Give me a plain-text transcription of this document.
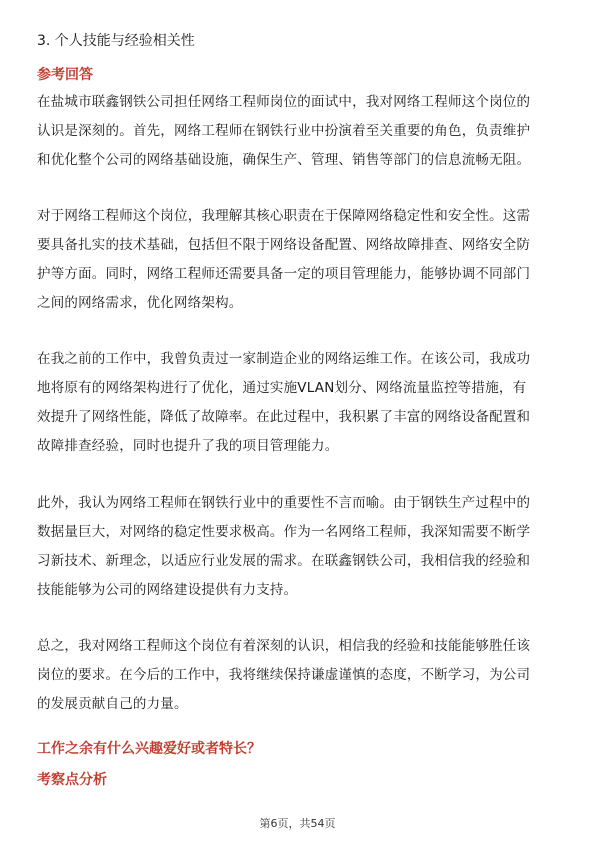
3. 个人技能与经验相关性
参考回答

在盐城市联鑫钢铁公司担任网络工程师岗位的面试中，我对网络工程师这个岗位的
认识是深刻的。首先，网络工程师在钢铁行业中扮演着至关重要的角色，负责维护
和优化整个公司的网络基础设施，确保生产、管理、销售等部门的信息流畅无阻。

对于网络工程师这个岗位，我理解其核心职责在于保障网络稳定性和安全性。这需
要具备扎实的技术基础，包括但不限于网络设备配置、网络故障排查、网络安全防
护等方面。同时，网络工程师还需要具备一定的项目管理能力，能够协调不同部门
之间的网络需求，优化网络架构。

在我之前的工作中，我曾负责过一家制造企业的网络运维工作。在该公司，我成功
地将原有的网络架构进行了优化，通过实施VLAN划分、网络流量监控等措施，有
效提升了网络性能，降低了故障率。在此过程中，我积累了丰富的网络设备配置和
故障排查经验，同时也提升了我的项目管理能力。

此外，我认为网络工程师在钢铁行业中的重要性不言而喻。由于钢铁生产过程中的
数据量巨大，对网络的稳定性要求极高。作为一名网络工程师，我深知需要不断学
习新技术、新理念，以适应行业发展的需求。在联鑫钢铁公司，我相信我的经验和
技能能够为公司的网络建设提供有力支持。

总之，我对网络工程师这个岗位有着深刻的认识，相信我的经验和技能能够胜任该
岗位的要求。在今后的工作中，我将继续保持谦虚谨慎的态度，不断学习，为公司
的发展贡献自己的力量。

工作之余有什么兴趣爱好或者特长？
考察点分析
第6页，共54页
